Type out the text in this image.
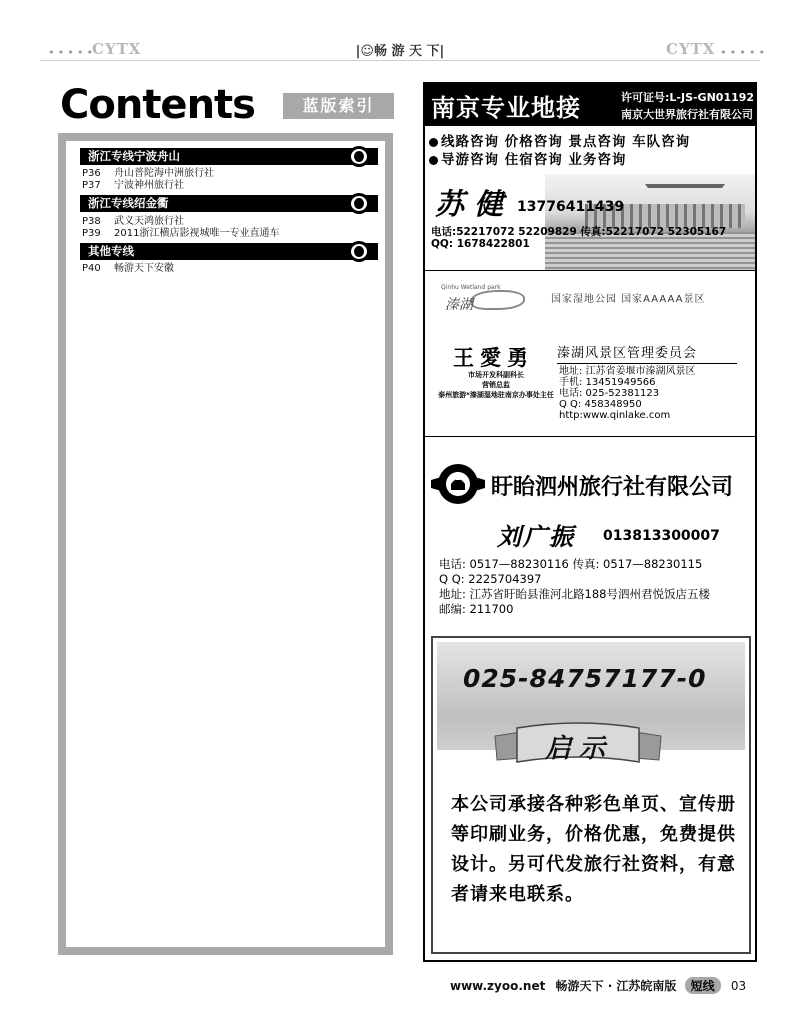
•••••
CYTX	|☺畅 游 天 下|	CYTX •••••
Contents	蓝版索引
浙江专线宁波舟山
P36 舟山普陀海中洲旅行社
P37 宁波神州旅行社
浙江专线绍金衢
P38 武义天鸿旅行社
P39 2011浙江横店影视城唯一专业直通车
其他专线
P40 畅游天下安徽
南京专业地接	许可证号:L-JS-GN01192
南京大世界旅行社有限公司
线路咨询 价格咨询 景点咨询 车队咨询
导游咨询 住宿咨询 业务咨询
苏 健 13776411439
电话:52217072 52209829 传真:52217072 52305167
QQ: 1678422801
Qinhu Wetland park
溱湖	国家湿地公园 国家AAAAA景区
王愛勇
市场开发科副科长
营销总监
泰州旅游*溱湖湿地驻南京办事处主任
溱湖风景区管理委员会
地址: 江苏省姜堰市溱湖风景区
手机: 13451949566
电话: 025-52381123
Q Q: 458348950
http:www.qinlake.com
盱眙泗州旅行社有限公司
刘广振 013813300007
电话: 0517—88230116 传真: 0517—88230115
Q Q: 2225704397
地址: 江苏省盱眙县淮河北路188号泗州君悦饭店五楼
邮编: 211700
025-84757177-0
启示
本公司承接各种彩色单页、宣传册等印刷业务，价格优惠，免费提供设计。另可代发旅行社资料，有意者请来电联系。
www.zyoo.net 畅游天下 · 江苏皖南版 短线 03
